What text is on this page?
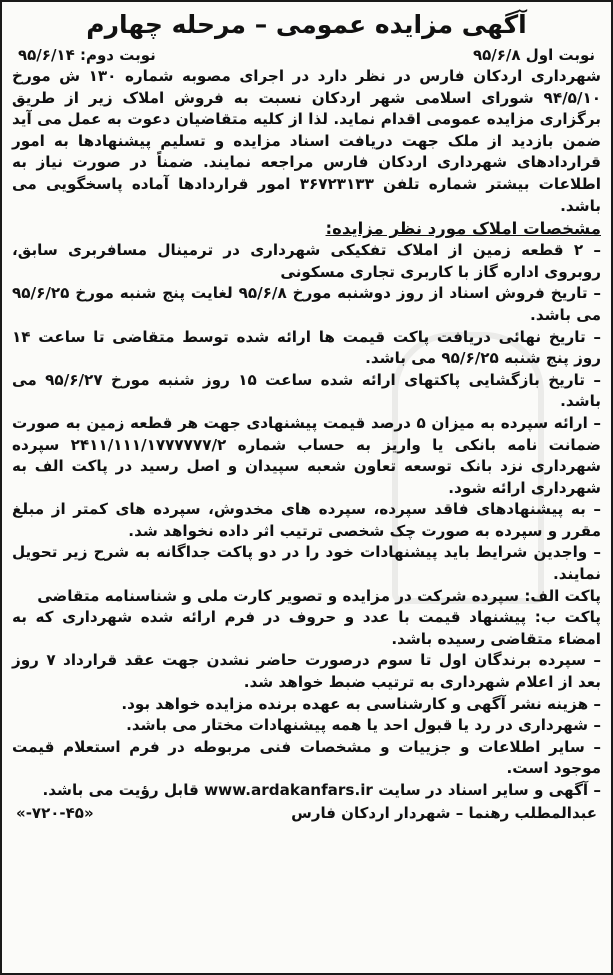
آگهی مزایده عمومی – مرحله چهارم
نوبت اول ۹۵/۶/۸
نوبت دوم: ۹۵/۶/۱۴

شهرداری اردکان فارس در نظر دارد در اجرای مصوبه شماره ۱۳۰ ش مورخ ۹۴/۵/۱۰ شورای اسلامی شهر اردکان نسبت به فروش املاک زیر از طریق برگزاری مزایده عمومی اقدام نماید. لذا از کلیه متقاضیان دعوت به عمل می آید ضمن بازدید از ملک جهت دریافت اسناد مزایده و تسلیم پیشنهادها به امور قراردادهای شهرداری اردکان فارس مراجعه نمایند. ضمناً در صورت نیاز به اطلاعات بیشتر شماره تلفن ۳۶۷۲۳۱۳۳ امور قراردادها آماده پاسخگویی می باشد.

مشخصات املاک مورد نظر مزایده:

– ۲ قطعه زمین از املاک تفکیکی شهرداری در ترمینال مسافربری سابق، روبروی اداره گاز با کاربری تجاری مسکونی
– تاریخ فروش اسناد از روز دوشنبه مورخ ۹۵/۶/۸ لغایت پنج شنبه مورخ ۹۵/۶/۲۵ می باشد.
– تاریخ نهائی دریافت پاکت قیمت ها ارائه شده توسط متقاضی تا ساعت ۱۴ روز پنج شنبه ۹۵/۶/۲۵ می باشد.
– تاریخ بازگشایی پاکتهای ارائه شده ساعت ۱۵ روز شنبه مورخ ۹۵/۶/۲۷ می باشد.
– ارائه سپرده به میزان ۵ درصد قیمت پیشنهادی جهت هر قطعه زمین به صورت ضمانت نامه بانکی یا واریز به حساب شماره ۲۴۱۱/۱۱۱/۱۷۷۷۷۷۷/۲ سپرده شهرداری نزد بانک توسعه تعاون شعبه سپیدان و اصل رسید در پاکت الف به شهرداری ارائه شود.
– به پیشنهادهای فاقد سپرده، سپرده های مخدوش، سپرده های کمتر از مبلغ مقرر و سپرده به صورت چک شخصی ترتیب اثر داده نخواهد شد.
– واجدین شرایط باید پیشنهادات خود را در دو پاکت جداگانه به شرح زیر تحویل نمایند.
پاکت الف: سپرده شرکت در مزایده و تصویر کارت ملی و شناسنامه متقاضی
پاکت ب: پیشنهاد قیمت با عدد و حروف در فرم ارائه شده شهرداری که به امضاء متقاضی رسیده باشد.
– سپرده برندگان اول تا سوم درصورت حاضر نشدن جهت عقد قرارداد ۷ روز بعد از اعلام شهرداری به ترتیب ضبط خواهد شد.
– هزینه نشر آگهی و کارشناسی به عهده برنده مزایده خواهد بود.
– شهرداری در رد یا قبول احد یا همه پیشنهادات مختار می باشد.
– سایر اطلاعات و جزییات و مشخصات فنی مربوطه در فرم استعلام قیمت موجود است.
– آگهی و سایر اسناد در سایت www.ardakanfars.ir قابل رؤیت می باشد.
عبدالمطلب رهنما – شهردار اردکان فارس
«۷۲۰-۴۵-»
